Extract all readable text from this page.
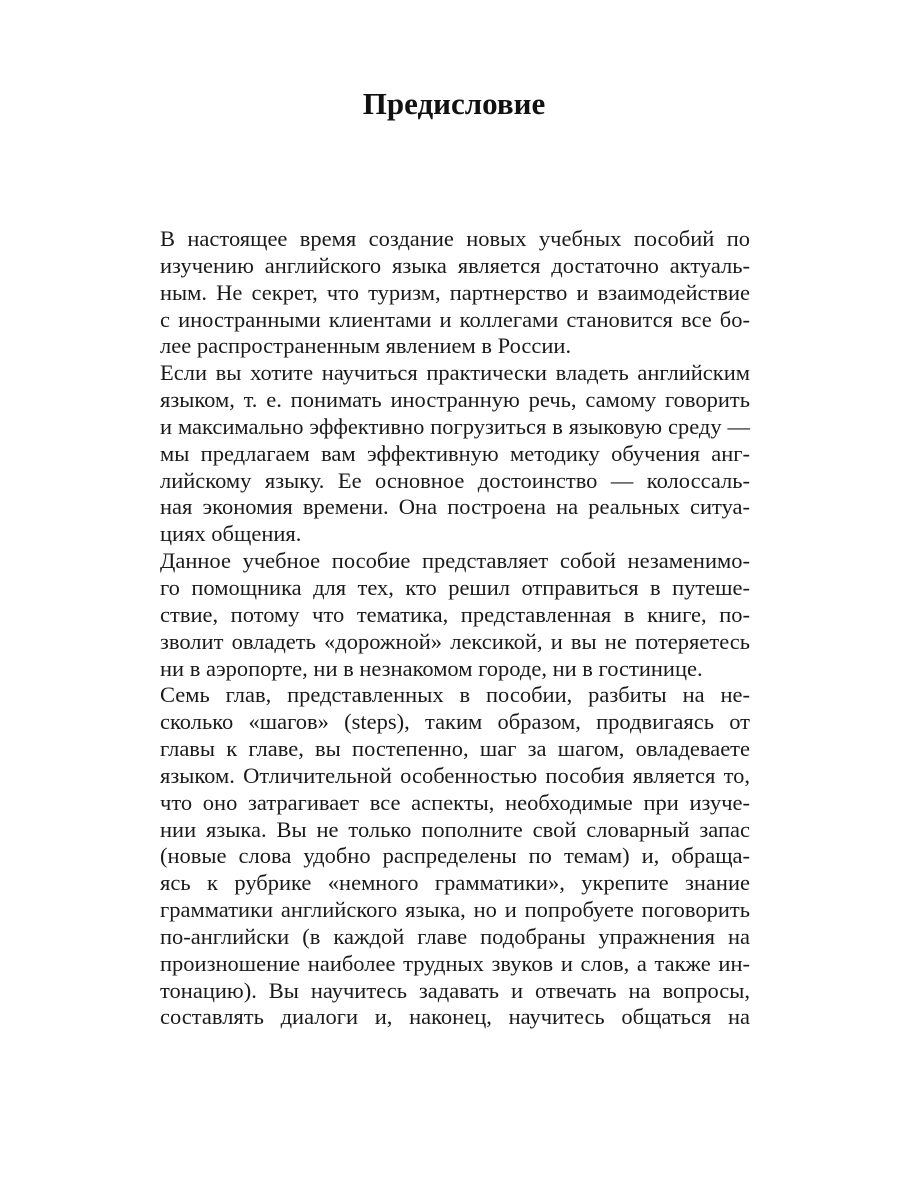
Предисловие
В настоящее время создание новых учебных пособий по
изучению английского языка является достаточно актуаль-
ным. Не секрет, что туризм, партнерство и взаимодействие
с иностранными клиентами и коллегами становится все бо-
лее распространенным явлением в России.
Если вы хотите научиться практически владеть английским
языком, т. е. понимать иностранную речь, самому говорить
и максимально эффективно погрузиться в языковую среду —
мы предлагаем вам эффективную методику обучения анг-
лийскому языку. Ее основное достоинство — колоссаль-
ная экономия времени. Она построена на реальных ситуа-
циях общения.
Данное учебное пособие представляет собой незаменимо-
го помощника для тех, кто решил отправиться в путеше-
ствие, потому что тематика, представленная в книге, по-
зволит овладеть «дорожной» лексикой, и вы не потеряетесь
ни в аэропорте, ни в незнакомом городе, ни в гостинице.
Семь глав, представленных в пособии, разбиты на не-
сколько «шагов» (steps), таким образом, продвигаясь от
главы к главе, вы постепенно, шаг за шагом, овладеваете
языком. Отличительной особенностью пособия является то,
что оно затрагивает все аспекты, необходимые при изуче-
нии языка. Вы не только пополните свой словарный запас
(новые слова удобно распределены по темам) и, обраща-
ясь к рубрике «немного грамматики», укрепите знание
грамматики английского языка, но и попробуете поговорить
по-английски (в каждой главе подобраны упражнения на
произношение наиболее трудных звуков и слов, а также ин-
тонацию). Вы научитесь задавать и отвечать на вопросы,
составлять диалоги и, наконец, научитесь общаться на
